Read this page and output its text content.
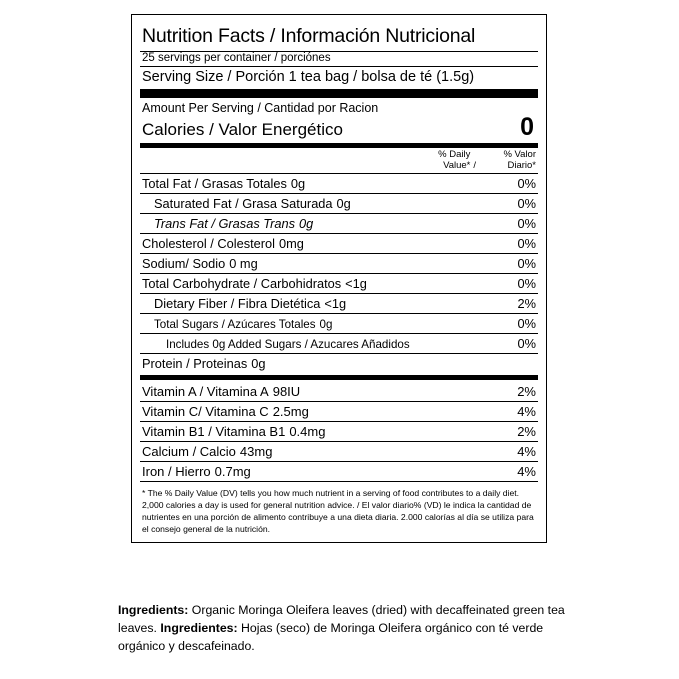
Nutrition Facts / Información Nutricional
25 servings per container / porciónes
Serving Size / Porción 1 tea bag / bolsa de té (1.5g)
Amount Per Serving / Cantidad por Racion
Calories / Valor Energético	0
% Daily
Value* /
% Valor
Diario*
Total Fat / Grasas Totales 0g	0%
Saturated Fat / Grasa Saturada 0g	0%
Trans Fat / Grasas Trans 0g	0%
Cholesterol / Colesterol 0mg	0%
Sodium/ Sodio 0 mg	0%
Total Carbohydrate / Carbohidratos <1g	0%
Dietary Fiber / Fibra Dietética <1g	2%
Total Sugars / Azúcares Totales 0g	0%
Includes 0g Added Sugars / Azucares Añadidos	0%
Protein / Proteinas 0g	
Vitamin A / Vitamina A 98IU	2%
Vitamin C/ Vitamina C 2.5mg	4%
Vitamin B1 / Vitamina B1 0.4mg	2%
Calcium / Calcio 43mg	4%
Iron / Hierro 0.7mg	4%
* The % Daily Value (DV) tells you how much nutrient in a serving of food contributes to a daily diet. 2,000 calories a day is used for general nutrition advice. / El valor diario% (VD) le indica la cantidad de nutrientes en una porción de alimento contribuye a una dieta diaria. 2.000 calorías al día se utiliza para el consejo general de la nutrición.
Ingredients: Organic Moringa Oleifera leaves (dried) with decaffeinated green tea leaves. Ingredientes: Hojas (seco) de Moringa Oleifera orgánico con té verde orgánico y descafeinado.
